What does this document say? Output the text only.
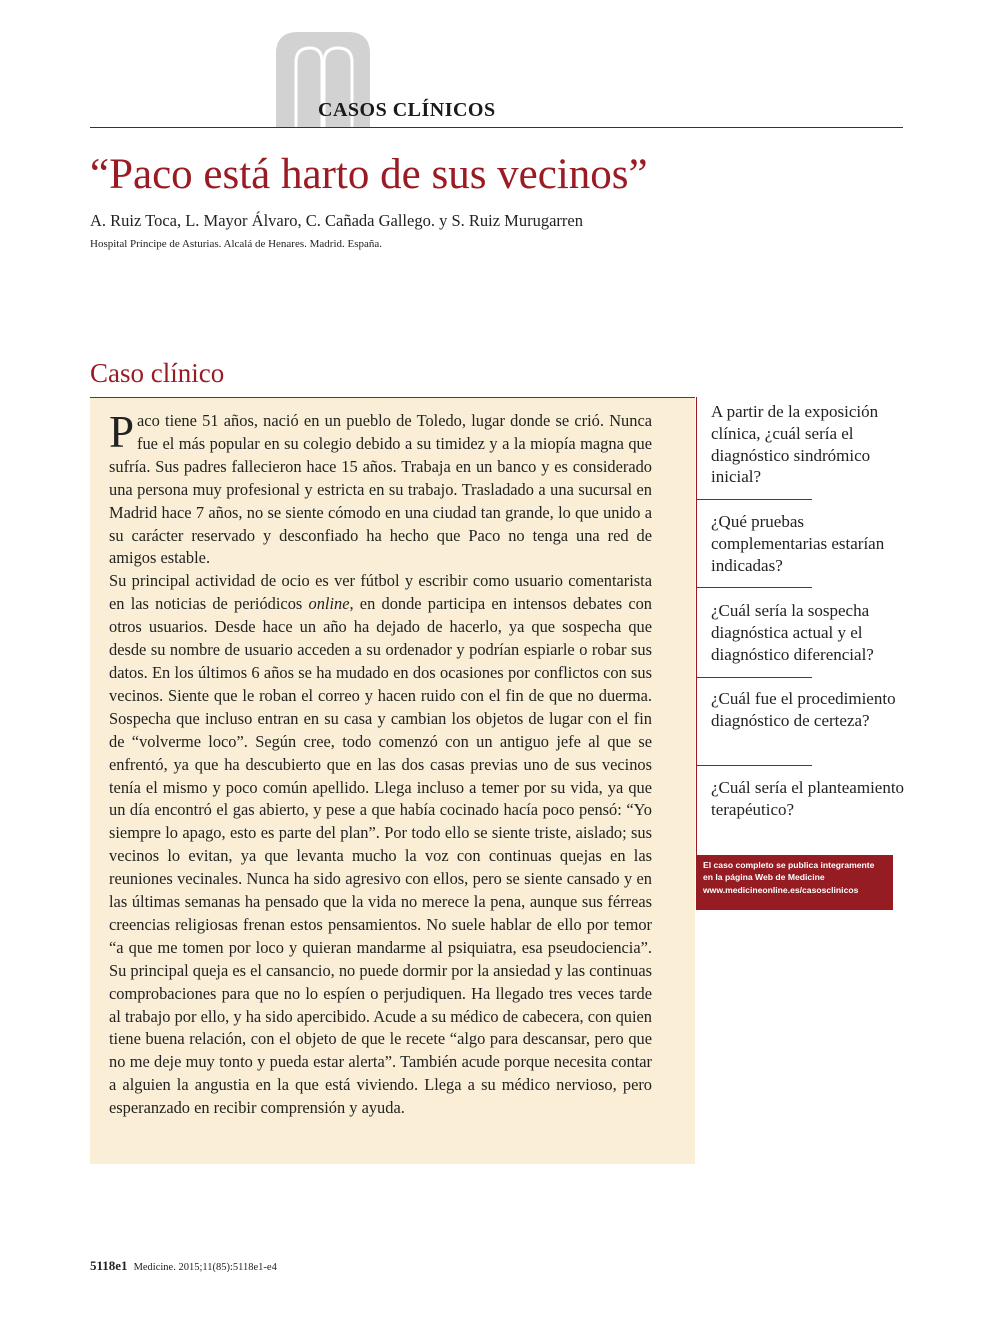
CASOS CLÍNICOS
“Paco está harto de sus vecinos”
A. Ruiz Toca, L. Mayor Álvaro, C. Cañada Gallego. y S. Ruiz Murugarren
Hospital Príncipe de Asturias. Alcalá de Henares. Madrid. España.
Caso clínico

Paco tiene 51 años, nació en un pueblo de Toledo, lugar donde se crió. Nunca fue el más popular en su colegio debido a su timidez y a la miopía magna que sufría. Sus padres fallecieron hace 15 años. Trabaja en un banco y es considerado una persona muy profesional y estricta en su trabajo. Trasladado a una sucursal en Madrid hace 7 años, no se siente cómodo en una ciudad tan grande, lo que unido a su carácter reservado y desconfiado ha hecho que Paco no tenga una red de amigos estable.

Su principal actividad de ocio es ver fútbol y escribir como usuario comentarista en las noticias de periódicos online, en donde participa en intensos debates con otros usuarios. Desde hace un año ha dejado de hacerlo, ya que sospecha que desde su nombre de usuario acceden a su ordenador y podrían espiarle o robar sus datos. En los últimos 6 años se ha mudado en dos ocasiones por conflictos con sus vecinos. Siente que le roban el correo y hacen ruido con el fin de que no duerma. Sospecha que incluso entran en su casa y cambian los objetos de lugar con el fin de “volverme loco”. Según cree, todo comenzó con un antiguo jefe al que se enfrentó, ya que ha descubierto que en las dos casas previas uno de sus vecinos tenía el mismo y poco común apellido. Llega incluso a temer por su vida, ya que un día encontró el gas abierto, y pese a que había cocinado hacía poco pensó: “Yo siempre lo apago, esto es parte del plan”. Por todo ello se siente triste, aislado; sus vecinos lo evitan, ya que levanta mucho la voz con continuas quejas en las reuniones vecinales. Nunca ha sido agresivo con ellos, pero se siente cansado y en las últimas semanas ha pensado que la vida no merece la pena, aunque sus férreas creencias religiosas frenan estos pensamientos. No suele hablar de ello por temor “a que me tomen por loco y quieran mandarme al psiquiatra, esa pseudociencia”. Su principal queja es el cansancio, no puede dormir por la ansiedad y las continuas comprobaciones para que no lo espíen o perjudiquen. Ha llegado tres veces tarde al trabajo por ello, y ha sido apercibido. Acude a su médico de cabecera, con quien tiene buena relación, con el objeto de que le recete “algo para descansar, pero que no me deje muy tonto y pueda estar alerta”. También acude porque necesita contar a alguien la angustia en la que está viviendo. Llega a su médico nervioso, pero esperanzado en recibir comprensión y ayuda.

A partir de la exposición clínica, ¿cuál sería el diagnóstico sindrómico inicial?
¿Qué pruebas complementarias estarían indicadas?
¿Cuál sería la sospecha diagnóstica actual y el diagnóstico diferencial?
¿Cuál fue el procedimiento diagnóstico de certeza?
¿Cuál sería el planteamiento terapéutico?
El caso completo se publica integramente
en la página Web de Medicine
www.medicineonline.es/casosclinicos
5118e1 Medicine. 2015;11(85):5118e1-e4
